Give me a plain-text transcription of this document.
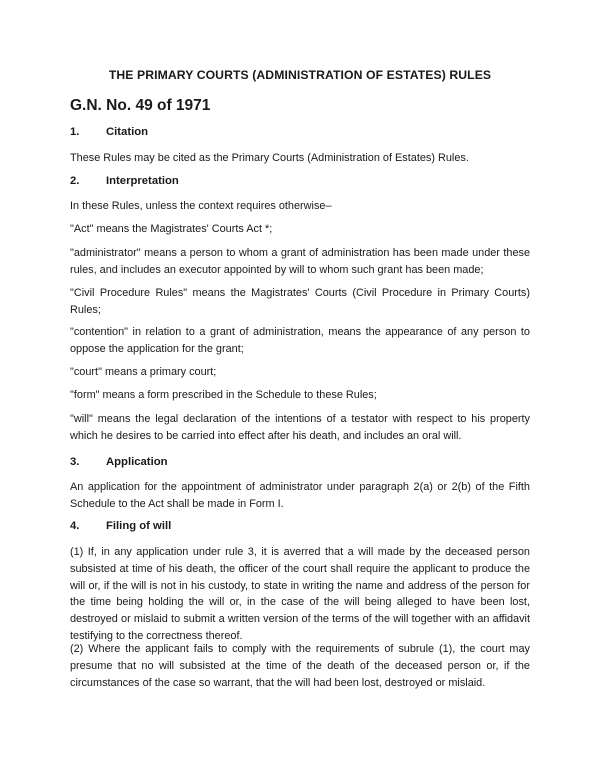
THE PRIMARY COURTS (ADMINISTRATION OF ESTATES) RULES
G.N. No. 49 of 1971
1. Citation
These Rules may be cited as the Primary Courts (Administration of Estates) Rules.
2. Interpretation
In these Rules, unless the context requires otherwise–
"Act" means the Magistrates' Courts Act *;
"administrator" means a person to whom a grant of administration has been made under these rules, and includes an executor appointed by will to whom such grant has been made;
"Civil Procedure Rules" means the Magistrates' Courts (Civil Procedure in Primary Courts) Rules;
"contention" in relation to a grant of administration, means the appearance of any person to oppose the application for the grant;
"court" means a primary court;
"form" means a form prescribed in the Schedule to these Rules;
"will" means the legal declaration of the intentions of a testator with respect to his property which he desires to be carried into effect after his death, and includes an oral will.
3. Application
An application for the appointment of administrator under paragraph 2(a) or 2(b) of the Fifth Schedule to the Act shall be made in Form I.
4. Filing of will
(1) If, in any application under rule 3, it is averred that a will made by the deceased person subsisted at time of his death, the officer of the court shall require the applicant to produce the will or, if the will is not in his custody, to state in writing the name and address of the person for the time being holding the will or, in the case of the will being alleged to have been lost, destroyed or mislaid to submit a written version of the terms of the will together with an affidavit testifying to the correctness thereof.
(2) Where the applicant fails to comply with the requirements of subrule (1), the court may presume that no will subsisted at the time of the death of the deceased person or, if the circumstances of the case so warrant, that the will had been lost, destroyed or mislaid.
